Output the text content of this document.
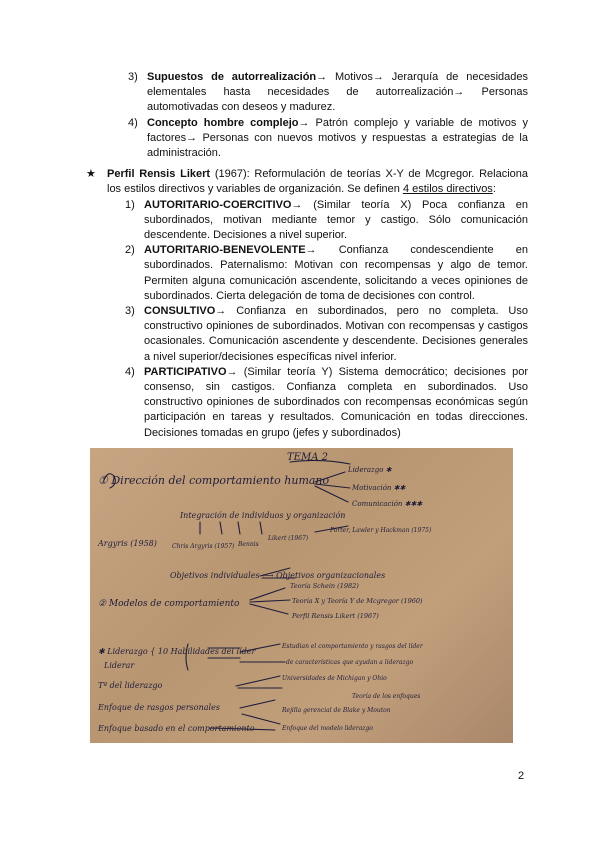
3) Supuestos de autorrealización→ Motivos→ Jerarquía de necesidades elementales hasta necesidades de autorrealización→ Personas automotivadas con deseos y madurez.
4) Concepto hombre complejo→ Patrón complejo y variable de motivos y factores→ Personas con nuevos motivos y respuestas a estrategias de la administración.
★ Perfil Rensis Likert (1967): Reformulación de teorías X-Y de Mcgregor. Relaciona los estilos directivos y variables de organización. Se definen 4 estilos directivos:
1) AUTORITARIO-COERCITIVO→ (Similar teoría X) Poca confianza en subordinados, motivan mediante temor y castigo. Sólo comunicación descendente. Decisiones a nivel superior.
2) AUTORITARIO-BENEVOLENTE→ Confianza condescendiente en subordinados. Paternalismo: Motivan con recompensas y algo de temor. Permiten alguna comunicación ascendente, solicitando a veces opiniones de subordinados. Cierta delegación de toma de decisiones con control.
3) CONSULTIVO→ Confianza en subordinados, pero no completa. Uso constructivo opiniones de subordinados. Motivan con recompensas y castigos ocasionales. Comunicación ascendente y descendente. Decisiones generales a nivel superior/decisiones específicas nivel inferior.
4) PARTICIPATIVO→ (Similar teoría Y) Sistema democrático; decisiones por consenso, sin castigos. Confianza completa en subordinados. Uso constructivo opiniones de subordinados con recompensas económicas según participación en tareas y resultados. Comunicación en todas direcciones. Decisiones tomadas en grupo (jefes y subordinados)
TEMA 2
① Dirección del comportamiento humano
Liderazgo ✱
Motivación ✱✱
Comunicación ✱✱✱
Integración de individuos y organización
Argyris (1958)	Chris Argyris (1957) Bennis
Likert (1967)
Porter, Lawler y Hackman (1975)
Objetivos individuales ⟷ Objetivos organizacionales
② Modelos de comportamiento
Teoría Schein (1982)
Teoría X y Teoría Y de Mcgregor (1960)
Perfil Rensis Likert (1967)
✱ Liderazgo { 10 Habilidades del líder
Liderar
Tª del liderazgo
Enfoque de rasgos personales
Enfoque basado en el comportamiento
Estudian el comportamiento y rasgos del líder
de características que ayudan a liderazgo
Universidades de Michigan y Ohio
Teoría de los enfoques
Rejilla gerencial de Blake y Mouton
Enfoque del modelo liderazgo
2
